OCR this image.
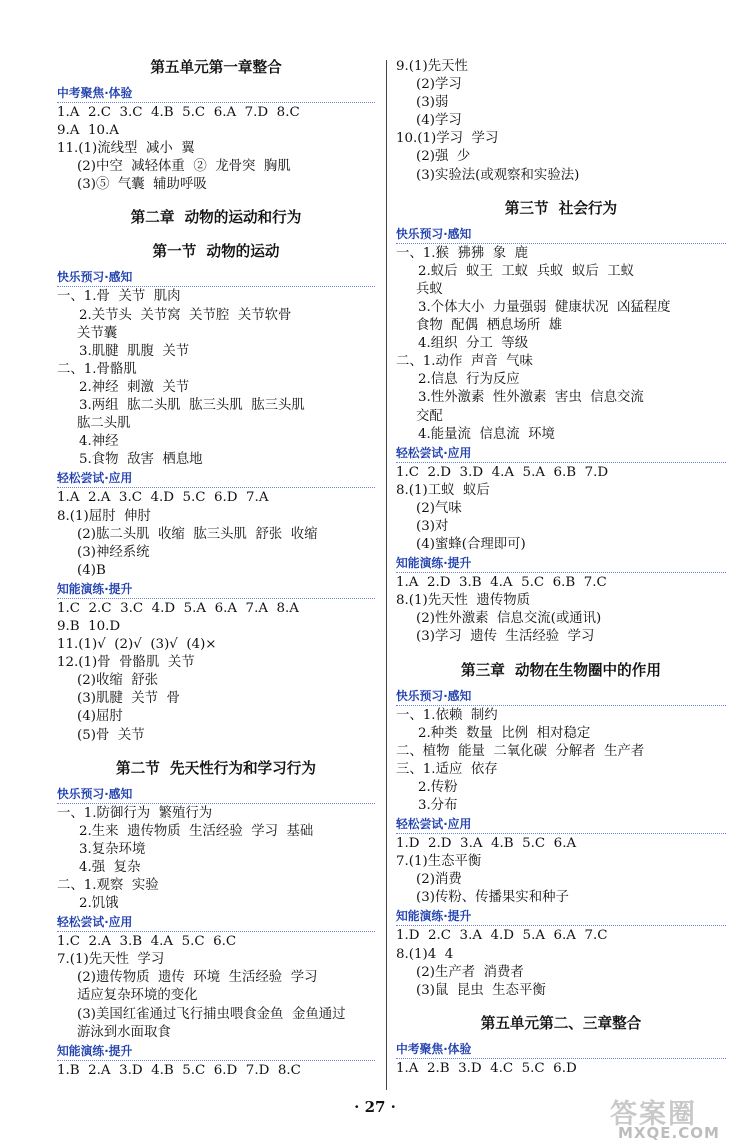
第五单元第一章整合
中考聚焦·体验
1.A  2.C  3.C  4.B  5.C  6.A  7.D  8.C
9.A  10.A
11.(1)流线型  减小  翼
(2)中空  减轻体重  ②  龙骨突  胸肌
(3)⑤  气囊  辅助呼吸
第二章  动物的运动和行为
第一节  动物的运动
快乐预习·感知
一、1.骨  关节  肌肉
2.关节头  关节窝  关节腔  关节软骨
关节囊
3.肌腱  肌腹  关节
二、1.骨骼肌
2.神经  刺激  关节
3.两组  肱二头肌  肱三头肌  肱三头肌
肱二头肌
4.神经
5.食物  敌害  栖息地
轻松尝试·应用
1.A  2.A  3.C  4.D  5.C  6.D  7.A
8.(1)屈肘  伸肘
(2)肱二头肌  收缩  肱三头肌  舒张  收缩
(3)神经系统
(4)B
知能演练·提升
1.C  2.C  3.C  4.D  5.A  6.A  7.A  8.A
9.B  10.D
11.(1)√  (2)√  (3)√  (4)×
12.(1)骨  骨骼肌  关节
(2)收缩  舒张
(3)肌腱  关节  骨
(4)屈肘
(5)骨  关节
第二节  先天性行为和学习行为
快乐预习·感知
一、1.防御行为  繁殖行为
2.生来  遗传物质  生活经验  学习  基础
3.复杂环境
4.强  复杂
二、1.观察  实验
2.饥饿
轻松尝试·应用
1.C  2.A  3.B  4.A  5.C  6.C
7.(1)先天性  学习
(2)遗传物质  遗传  环境  生活经验  学习
适应复杂环境的变化
(3)美国红雀通过飞行捕虫喂食金鱼  金鱼通过
游泳到水面取食
知能演练·提升
1.B  2.A  3.D  4.B  5.C  6.D  7.D  8.C
9.(1)先天性
(2)学习
(3)弱
(4)学习
10.(1)学习  学习
(2)强  少
(3)实验法(或观察和实验法)
第三节  社会行为
快乐预习·感知
一、1.猴  狒狒  象  鹿
2.蚁后  蚁王  工蚁  兵蚁  蚁后  工蚁
兵蚁
3.个体大小  力量强弱  健康状况  凶猛程度
食物  配偶  栖息场所  雄
4.组织  分工  等级
二、1.动作  声音  气味
2.信息  行为反应
3.性外激素  性外激素  害虫  信息交流
交配
4.能量流  信息流  环境
轻松尝试·应用
1.C  2.D  3.D  4.A  5.A  6.B  7.D
8.(1)工蚁  蚁后
(2)气味
(3)对
(4)蜜蜂(合理即可)
知能演练·提升
1.A  2.D  3.B  4.A  5.C  6.B  7.C
8.(1)先天性  遗传物质
(2)性外激素  信息交流(或通讯)
(3)学习  遗传  生活经验  学习
第三章  动物在生物圈中的作用
快乐预习·感知
一、1.依赖  制约
2.种类  数量  比例  相对稳定
二、植物  能量  二氧化碳  分解者  生产者
三、1.适应  依存
2.传粉
3.分布
轻松尝试·应用
1.D  2.D  3.A  4.B  5.C  6.A
7.(1)生态平衡
(2)消费
(3)传粉、传播果实和种子
知能演练·提升
1.D  2.C  3.A  4.D  5.A  6.A  7.C
8.(1)4  4
(2)生产者  消费者
(3)鼠  昆虫  生态平衡
第五单元第二、三章整合
中考聚焦·体验
1.A  2.B  3.D  4.C  5.C  6.D
· 27 ·	答案圈
MXQE.COM
